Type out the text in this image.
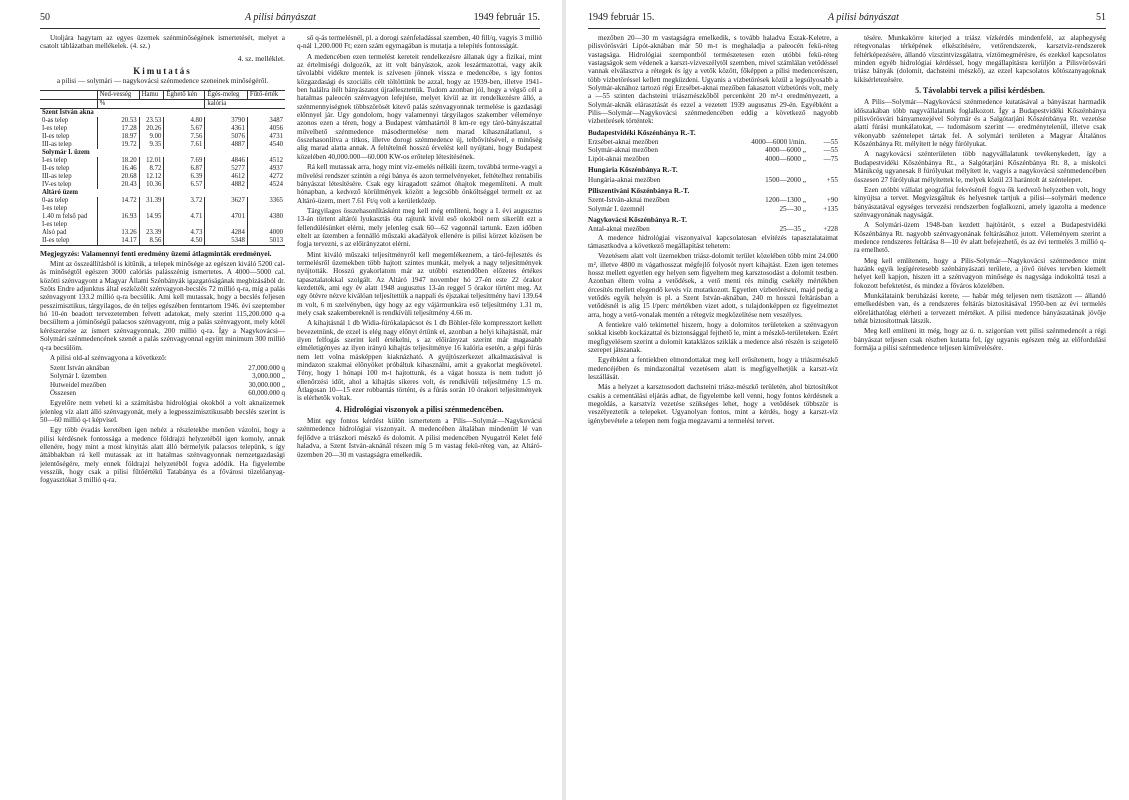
50	A pilisi bányászat	1949 február 15.

Utoljára hagytam az egyes üzemek szénminőségének ismertetését, melyet a csatolt táblázatban mellékelek. (4. sz.)

4. sz. melléklet.
Kimutatás
a pilisi — solymári — nagykovácsi szénmedence szeneinek minőségéről.
	Ned-vesség	Hamu	Éghető kén	Égés-meleg	Fűtő-érték
	%			kalória	
Szent István akna					
0-as telep	20.53	23.53	4.80	3790	3487
I-es telep	17.28	20.26	5.67	4361	4056
II-es telep	18.97	9.00	7.56	5076	4731
III-as telep	19.72	9.35	7.61	4887	4540
Solymár I. üzem					
I-es telep	18.20	12.01	7.69	4846	4512
II-es telep	16.46	8.72	6.87	5277	4937
III-as telep	20.68	12.12	6.39	4612	4272
IV-es telep	20.43	10.36	6.57	4882	4524
Altáró üzem					
0-as telep	14.72	31.39	3.72	3627	3365
I-es telep					
1.40 m felső pad	16.93	14.95	4.71	4701	4380
I-es telep					
Alsó pad	13.26	23.39	4.73	4284	4000
II-es telep	14.17	8.56	4.50	5348	5013

Megjegyzés: Valamennyi fenti eredmény üzemi átlagminták eredményei.

Mint az összeállításból is kitűnik, a telepek minősége az egészen kiváló 5200 cal-ás minőségtől egészen 3000 calóriás palásszénig ismertetes. A 4000—5000 cal. közötti szénvagyont a Magyar Állami Szénbányák igazgatóságának megbízásából dr. Szőts Endre adjunktus által eszközölt szénvagyon-becslés 72 millió q-ra, míg a palás szénvagyont 133.2 millió q-ra becsülik. Ami kell mutassak, hogy a becslés feljesen pesszimisztikus, tárgyilagos, de én teljes egészében fenntartom 1946. évi szeptember hó 10-én beadott tervezetemben felvett adatokat, mely szerint 115,200.000 q-a becsültem a jóminőségű palacsos szénvagyont, míg a palás szénvagyont, mely kötél kérészerzése az ismert szénvagyonnak, 200 millió q-ra. Így a Nagykovácsi—Solymári szénmedencének szenét a palás szénvagyonnal együtt minimum 300 millió q-ra becsülöm.

A pilisi old-al szénvagyona a következő:

Szent István aknában	27,000.000 q
Solymár I. üzemben	3,000.000 „
Hutweidel mezőben	30,000.000 „
Összesen	60,000.000 q

Egyelőre nem veheti ki a számításba hidrológiai okokból a volt aknaüzemek jelenleg víz alatt álló szénvagyonát, mely a legpesszimisztikusabb becslés szerint is 50—60 millió q-t képvisel.

Egy több évadás keretében igen nehéz a részletekbe menően vázolni, hogy a pilisi kérdésnek fontossága a medence földrajzi helyzetéből igen komoly, annak ellenére, hogy mint a most kinyitás alatt álló bérmelyik palacsos telepünk, s így áttábbakban rá kell mutassak az itt hatalmas szénvagyonnak nemzetgazdasági jelentőségére, mely ennek földrajzi helyzetéből fogva adódik. Ha figyelembe vesszük, hogy csak a pilisi fűtőértékű Tatabánya és a fővárosi tüzelőanyag-fogyasztókat 3 millió q-ra.

ső q-ás termelésnél, pl. a dorogi szénfeladással szemben, 40 fill/q, vagyis 3 millió q-nál 1,200.000 Ft; ezen szám egymagában is mutatja a telepítés fontosságát.

A medencében ezen termelést kereteit rendelkezésre állanak úgy a fizikai, mint az értelmiségi dolgozók, az itt volt bányászok, azok leszármazottai, vagy akik távolabbi vidékre mentek is szívesen jönnek vissza e medencébe, s igy fontos közgazdasági és szociális célt töltöttünk be azzal, hogy az 1939-ben, illetve 1941-ben halálra ítélt bányászatot újraélesztettük. Tudom azonban jól, hogy a végső cél a hatalmas paleocén szénvagyon lefejtése, melyet kívül az itt rendelkezésre álló, a szénmennyiségnek többszörösét kitevő palás szénvagyonnak termelése is gazdasági előnnyel jár. Ugy gondolom, hogy valamennyi tárgyilagos szakember véleménye azonos ezen a téren, hogy a Budapest vámhatártól 8 km-re egy táró-bányászattal művelhető szénmedence másodtermelése nem marad kihasználatlanul, s ősszehasonlítva a titkos, illetve dorogi szénmedence új, telbővítésével, e minőség alig marad alatta annak. A feltételnél hosszú érvelést kell nyújtani, hogy Budapest közelében 40,000.000—60.000 KW-os erőtelep létesítésének.

Rá kell mutassak arra, hogy mint víz-emelés nélküli üzem, továbbá terme-vagyi a művelési rendszer szintén a régi bánya és azon termelvényeket, feltételhez rentabilis bányászat létesítésére. Csak egy kiragadott számot óhajtok megemlíteni. A mult hónapban, a kedvező körülmények között a legcsöbb önköltséggel termelt ez az Altáró-üzem, mert 7.61 Ft/q volt a kerületközép.

Tárgyilagos összehasonlításként meg kell még említeni, hogy a I. évi augusztus 13-án törtent altárói lyukasztás óta rajtunk kívül eső okokból nem sikerült ezt a fellendülésünket elérni, mely jelenleg csak 60—62 vagonnál tartunk. Ezen időben eltelt az üzemben a fennálló műszaki akadályok ellenére is pilisi körzet közösen be fogja tervezni, s az előirányzatot elérni.

Mint kiváló műszaki teljesítményről kell megemlékeznem, a táró-fejlesztés és termelésről üzemekben több hajtott szintes munkát, melyek a nagy teljesítmények nyújtották. Hosszú gyakorlatom már az utóbbi esztendőben előzetes értékes tapasztalatokkal szolgált. Az Altáró 1947 november hó 27-én este 22 órakor kezdették, ami egy év alatt 1948 augusztus 13-án reggel 5 órakor történt meg. Az egy ötévre nézve kiválóan teljesítettük a nappali és éjszakai teljesítmény havi 139.64 m volt, 6 m szelvényben, úgy hogy az egy vájármunkára eső teljesítmény 1.31 m, mely csak szakembereknél is rendkívüli teljesítmény 4.66 m.

A kihajtásnál 1 db Widia-fúrókalapácsot és 1 db Böhler-féle kompresszort kellett bevezetnünk, de ezzel is elég nagy előnyt értünk el, azonban a helyi kihajtásnál, már ilyen felfogás szerint kell értékelni, s az előirányzat szerint már magasabb elméletigényes az ilyen irányú kihajtás teljesítménye 16 kalória esetén, a gépi fúrás nem lett volna másképpen kiaknázható. A gyújtószerkezet alkalmazásával is mindazon szakmai előnyöket próbáltuk kihasználni, amit a gyakorlat megkövetel. Tény, hogy 1 hónapi 100 m-t hajtottunk, és a vágat hossza is nem tudott jó ellenőrzési időt, ahol a kihajtás sikeres volt, és rendkívüli teljesítmény 1.5 m. Átlagosan 10—15 ezer robbantás történt, és a fúrás során 10 órakori teljesítmények is elérhetők voltak.

4. Hidrológiai viszonyok a pilisi szénmedencében.

Mint egy fontos kérdést külön ismertetem a Pilis—Solymár—Nagykovácsi szénmedence hidrológiai viszonyait. A medencében általában mindenütt lé van fejlődve a triászkori mészkő és dolomit. A pilisi medencében Nyugatról Kelet felé haladva, a Szent István-aknánál részen míg 5 m vastag fekü-réteg van, az Altáró-üzemben 20—30 m vastagságra emelkedik.

1949 február 15.	A pilisi bányászat	51

mezőben 20—30 m vastagságra emelkedik, s tovább haladva Észak-Keletre, a pilisvörösvári Lipót-aknában már 50 m-t is meghaladja a paleocén fekü-réteg vastagsága. Hidrológiai szempontból természetesen ezen utóbbi fekü-réteg vastagságok sem védenek a karszt-vízveszélytől szemben, mivel számlálan vetődéssel vannak elválasztva a rétegek és így a vetők között, főképpen a pilisi medencerészen, több vízbetöréssel kellett megküzdeni. Ugyanis a vízbetörések közül a legsúlyosabb a Solymár-aknához tartozó régi Erzsébet-aknai mezőben fakasztott vízbetörés volt, mely a —55 szinten dachsteini triászmészkőből percenként 20 m³-t eredményezett, a Solymár-aknák elárasztását és ezzel a vezetett 1939 augusztus 29-én. Egyébként a Pilis—Solymár—Nagykovácsi szénmedencében eddig a következő nagyobb vízbetörések történtek:

Budapestvidéki Kőszénbánya R.-T.
Erzsébet-aknai mezőben	4000—6000 l/min.	—55
Solymár-aknai mezőben	4000—6000 „	—55
Lipót-aknai mezőben	4000—6000 „	—75
Hungária Kőszénbánya R.-T.
Hungária-aknai mezőben	1500—2000 „	+55
Piliszentiváni Kőszénbánya R.-T.
Szent-István-aknai mezőben	1200—1300 „	+90
Solymár I. üzemnél	25—30 „	+135
Nagykovácsi Kőszénbánya R.-T.
Antal-aknai mezőben	25—35 „	+228

A medence hidrológiai viszonyaival kapcsolatosan elvitézés tapasztalataimat támasztkodva a következő megállapítást tehetem:

Vezetésem alatt volt üzemekben triász-dolomit terület közelében több mint 24.000 m², illetve 4800 m vágathosszat mégfejlő folyosót nyert kihajtást. Ezen igen tetemes hossz mellett egyetlen egy helyen sem figyeltem meg karsztosodást a dolomit testben. Azonban éltem volna a vetődések, a vető menti rés mindig csekély mértékben ércesítés mellett elegendő kevés víz mutatkozott. Egyetlen vízbetörésrei, majd pedig a vetődés egyik helyén is pl. a Szent István-aknában, 240 m hosszú feltárásban a vetődésnél is alig 15 l/perc mértékben vizet adott, s tulajdonképpen ez figyelmeztet arra, hogy a vető-vonalak mentén a rétegvíz megközelítése nem veszélyes.

A fentiekre való tekintettel hiszem, hogy a dolomitos területeken a szénvagyon sokkal kisebb kockázattal és biztonsággal fejthető le, mint a mészkő-területeken. Ezért megfigyelésem szerint a dolomit kataklázos sziklák a medence alsó részén is szigetelő szerepet játszanak.

Egyébként a fentiekben elmondottakat meg kell erősítenem, hogy a triászmészkő medencéjében és mindazonáltal vezetésem alatt is megfigyelhetjük a karszt-víz leszállását.

Más a helyzet a karsztosodott dachsteini triász-mészkő területén, ahol biztosítékot csakis a cementálási eljárás adhat, de figyelembe kell venni, hogy fontos kérdésnek a megoldás, a karsztvíz vezetése szükséges lehet, hogy a vetődések többször is veszélyeztetik a telepeket. Ugyanolyan fontos, mint a kérdés, hogy a karszt-víz igénybevétele a telepen nem fogja megzavarni a termelési tervet.

tésére. Munkakörre kiterjed a triász vízkérdés mindenfelé, az alaphegység rétegvonalas térképének elkészítésére, vetőrendszerek, karsztvíz-rendszerek feltérképezésére, állandó vízszintvizsgálatra, víztömegmérésre, és ezekkel kapcsolatos minden egyéb hidrológiai kérdéssel, hogy megállapításra kerüljön a Pilisvörösvári triász bányák (dolomit, dachsteini mészkő), az ezzel kapcsolatos kőtószanyagoknak kikísérletezésére.

5. Távolabbi tervek a pilisi kérdésben.

A Pilis—Solymár—Nagykovácsi szénmedence kutatásával a bányászat harmadik időszakában több nagyvállalatunk foglalkozott. Így a Budapestvidéki Kőszénbánya pilisvörösvári bányamezejével Solymár és a Salgótarjáni Kőszénbánya Rt. vezetése alatti fúrási munkálatokat, — tudomásom szerint — eredménytelenül, illetve csak vékonyabb széntelepet tártak fel. A solymári területen a Magyar Általános Kőszénbánya Rt. mélyített le négy fúrólyukat.

A nagykovácsi szénterületen több nagyvállalatunk tevékenykedett, így a Budapestvidéki Kőszénbánya Rt., a Salgótarjáni Kőszénbánya Rt. 8, a miskolci Mánikcég ugyanesak 8 fúrólyukat mélyített le, vagyis a nagykovácsi szénmedencében összesen 27 fúrólyukat mélyítettek le, melyek közül 23 harántolt át széntelepet.

Ezen utóbbi vállalat geográfiai fekvésénél fogva ők kedvező helyzetben volt, hogy kinyújtsa a tervet. Megvizsgáltuk és helyesnek tartjuk a pilisi—solymári medence bányászatával egységes tervezési rendszerben foglalkozni, amely igazolta a medence szénvagyonának nagyságát.

A Solymári-üzem 1948-ban kezdett hajtótárót, s ezzel a Budapestvidéki Kőszénbánya Rt. nagyobb szénvagyonának feltárásához jutott. Véleményem szerint a medence rendszeres feltárása 8—10 év alatt befejezhető, és az évi termelés 3 millió q-ra emelhető.

Meg kell említenem, hogy a Pilis-Solymár—Nagykovácsi szénmedence mint hazánk egyik legígéretesebb szénbányászati területe, a jövő ötéves tervben kiemelt helyet kell kapjon, hiszen itt a szénvagyon minősége és nagysága indokolttá teszi a fokozott befektetést, és mindez a főváros közelében.

Munkálataink beruházási kerete, — habár még teljesen nem tisztázott — állandó emelkedésben van, és a rendszeres feltárás biztosításával 1950-ben az évi termelés előreláthatólag elérheti a tervezett mértéket. A pilisi medence bányászatának jövője tehát biztosítottnak látszik.

Meg kell említeni itt még, hogy az ú. n. szigorúan vett pilisi szénmedencét a régi bányászat teljesen csak részben kutatta fel, így ugyanis egészen még az előfordulási formája a pilisi szénmedence teljesen kiművelésére.
